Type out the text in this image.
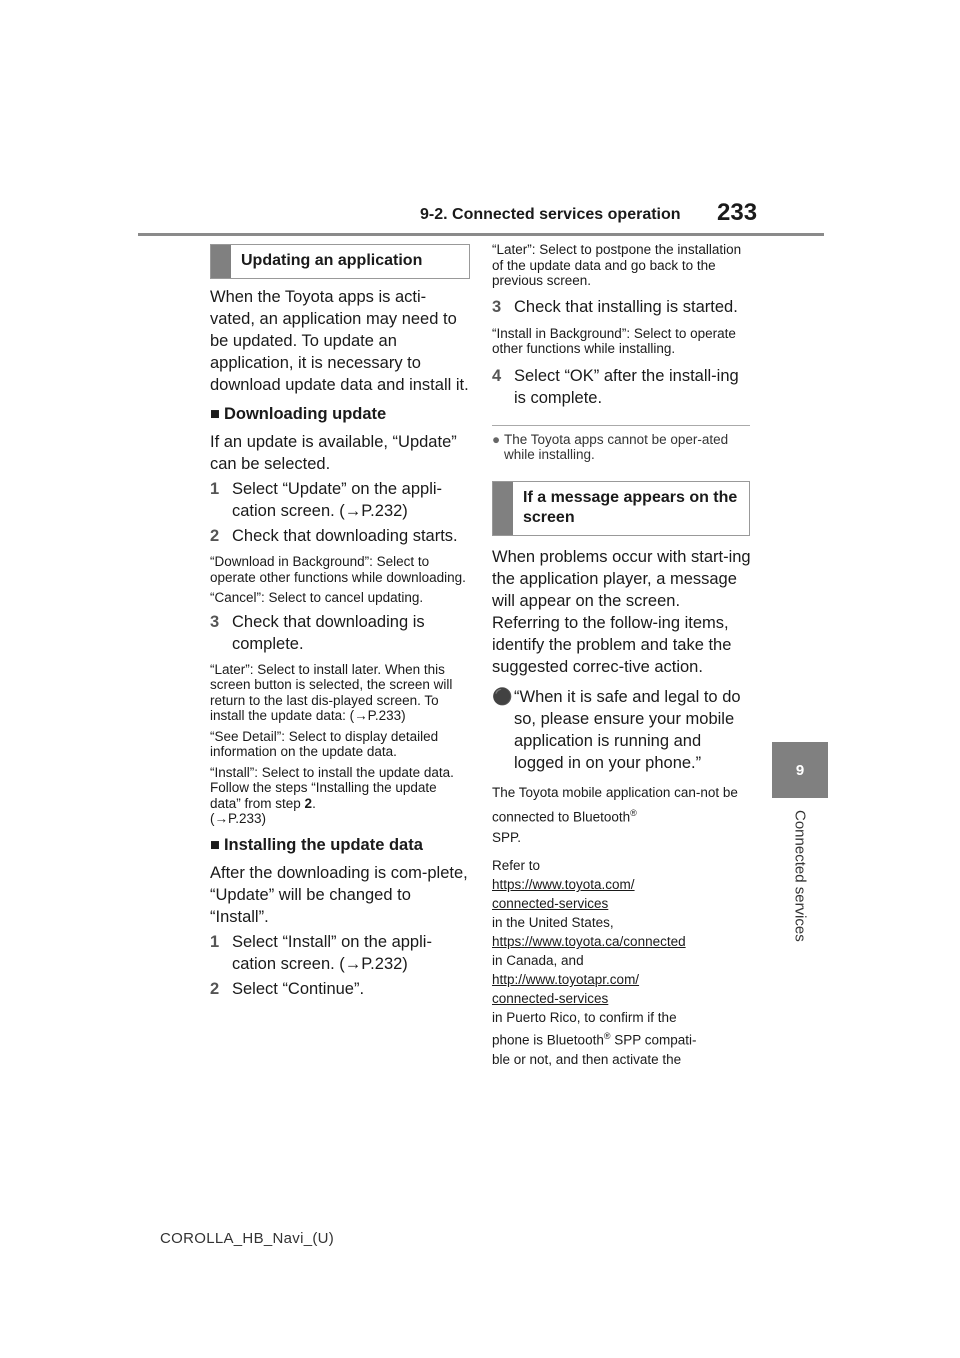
9-2. Connected services operation 233
9
Connected services
Updating an application

When the Toyota apps is acti-vated, an application may need to be updated. To update an application, it is necessary to download update data and install it.

■ Downloading update

If an update is available, “Update” can be selected.

1 Select “Update” on the appli-cation screen. (→P.232)
2 Check that downloading starts.

“Download in Background”: Select to operate other functions while downloading.

“Cancel”: Select to cancel updating.

3 Check that downloading is complete.

“Later”: Select to install later. When this screen button is selected, the screen will return to the last dis-played screen. To install the update data: (→P.233)

“See Detail”: Select to display detailed information on the update data.

“Install”: Select to install the update data. Follow the steps “Installing the update data” from step 2.
(→P.233)

■ Installing the update data

After the downloading is com-plete, “Update” will be changed to “Install”.

1 Select “Install” on the appli-cation screen. (→P.232)
2 Select “Continue”.

“Later”: Select to postpone the installation of the update data and go back to the previous screen.

3 Check that installing is started.

“Install in Background”: Select to operate other functions while installing.

4 Select “OK” after the install-ing is complete.
● The Toyota apps cannot be oper-ated while installing.
If a message appears on the screen

When problems occur with start-ing the application player, a message will appear on the screen. Referring to the follow-ing items, identify the problem and take the suggested correc-tive action.

⚫ “When it is safe and legal to do so, please ensure your mobile application is running and logged in on your phone.”

The Toyota mobile application can-not be connected to Bluetooth®
SPP.

Refer to
https://www.toyota.com/
connected-services
in the United States,
https://www.toyota.ca/connected
in Canada, and
http://www.toyotapr.com/
connected-services
in Puerto Rico, to confirm if the
phone is Bluetooth® SPP compati-
ble or not, and then activate the

COROLLA_HB_Navi_(U)
